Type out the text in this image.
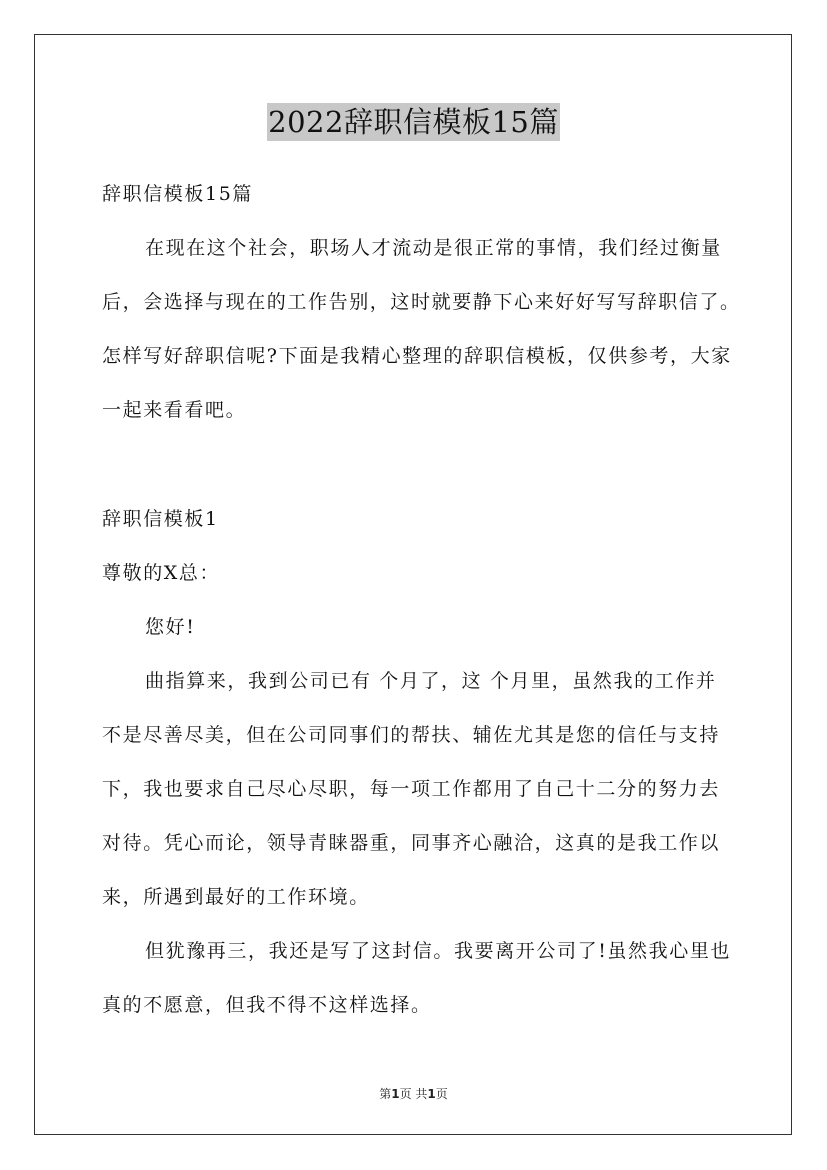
2022辞职信模板15篇
辞职信模板15篇
在现在这个社会，职场人才流动是很正常的事情，我们经过衡量
后，会选择与现在的工作告别，这时就要静下心来好好写写辞职信了。
怎样写好辞职信呢?下面是我精心整理的辞职信模板，仅供参考，大家
一起来看看吧。
辞职信模板1
尊敬的X总：
您好!
曲指算来，我到公司已有 个月了，这 个月里，虽然我的工作并
不是尽善尽美，但在公司同事们的帮扶、辅佐尤其是您的信任与支持
下，我也要求自己尽心尽职，每一项工作都用了自己十二分的努力去
对待。凭心而论，领导青睐器重，同事齐心融洽，这真的是我工作以
来，所遇到最好的工作环境。
但犹豫再三，我还是写了这封信。我要离开公司了!虽然我心里也
真的不愿意，但我不得不这样选择。
第1页 共1页
